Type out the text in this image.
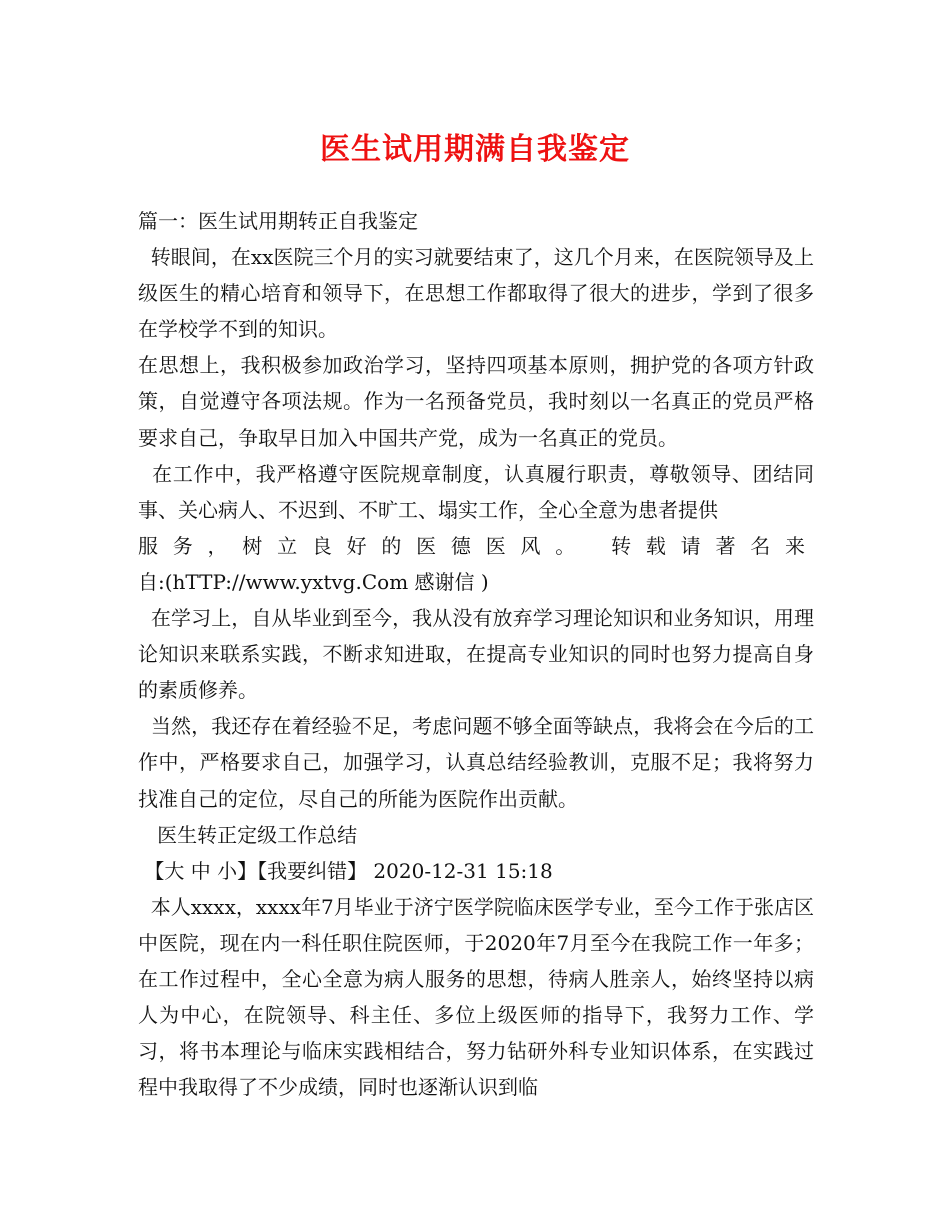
医生试用期满自我鉴定

篇一：医生试用期转正自我鉴定

转眼间，在xx医院三个月的实习就要结束了，这几个月来，在医院领导及上级医生的精心培育和领导下，在思想工作都取得了很大的进步，学到了很多在学校学不到的知识。

在思想上，我积极参加政治学习，坚持四项基本原则，拥护党的各项方针政策，自觉遵守各项法规。作为一名预备党员，我时刻以一名真正的党员严格要求自己，争取早日加入中国共产党，成为一名真正的党员。

在工作中，我严格遵守医院规章制度，认真履行职责，尊敬领导、团结同事、关心病人、不迟到、不旷工、塌实工作，全心全意为患者提供

服务，树立良好的医德医风。 转载请著名来

自:(hTTP://www.yxtvg.Com 感谢信 )

在学习上，自从毕业到至今，我从没有放弃学习理论知识和业务知识，用理论知识来联系实践，不断求知进取，在提高专业知识的同时也努力提高自身的素质修养。

当然，我还存在着经验不足，考虑问题不够全面等缺点，我将会在今后的工作中，严格要求自己，加强学习，认真总结经验教训，克服不足；我将努力找准自己的定位，尽自己的所能为医院作出贡献。

医生转正定级工作总结

【大 中 小】【我要纠错】 2020-12-31 15:18

本人xxxx，xxxx年7月毕业于济宁医学院临床医学专业，至今工作于张店区中医院，现在内一科任职住院医师，于2020年7月至今在我院工作一年多；在工作过程中，全心全意为病人服务的思想，待病人胜亲人，始终坚持以病人为中心，在院领导、科主任、多位上级医师的指导下，我努力工作、学习，将书本理论与临床实践相结合，努力钻研外科专业知识体系，在实践过程中我取得了不少成绩，同时也逐渐认识到临
